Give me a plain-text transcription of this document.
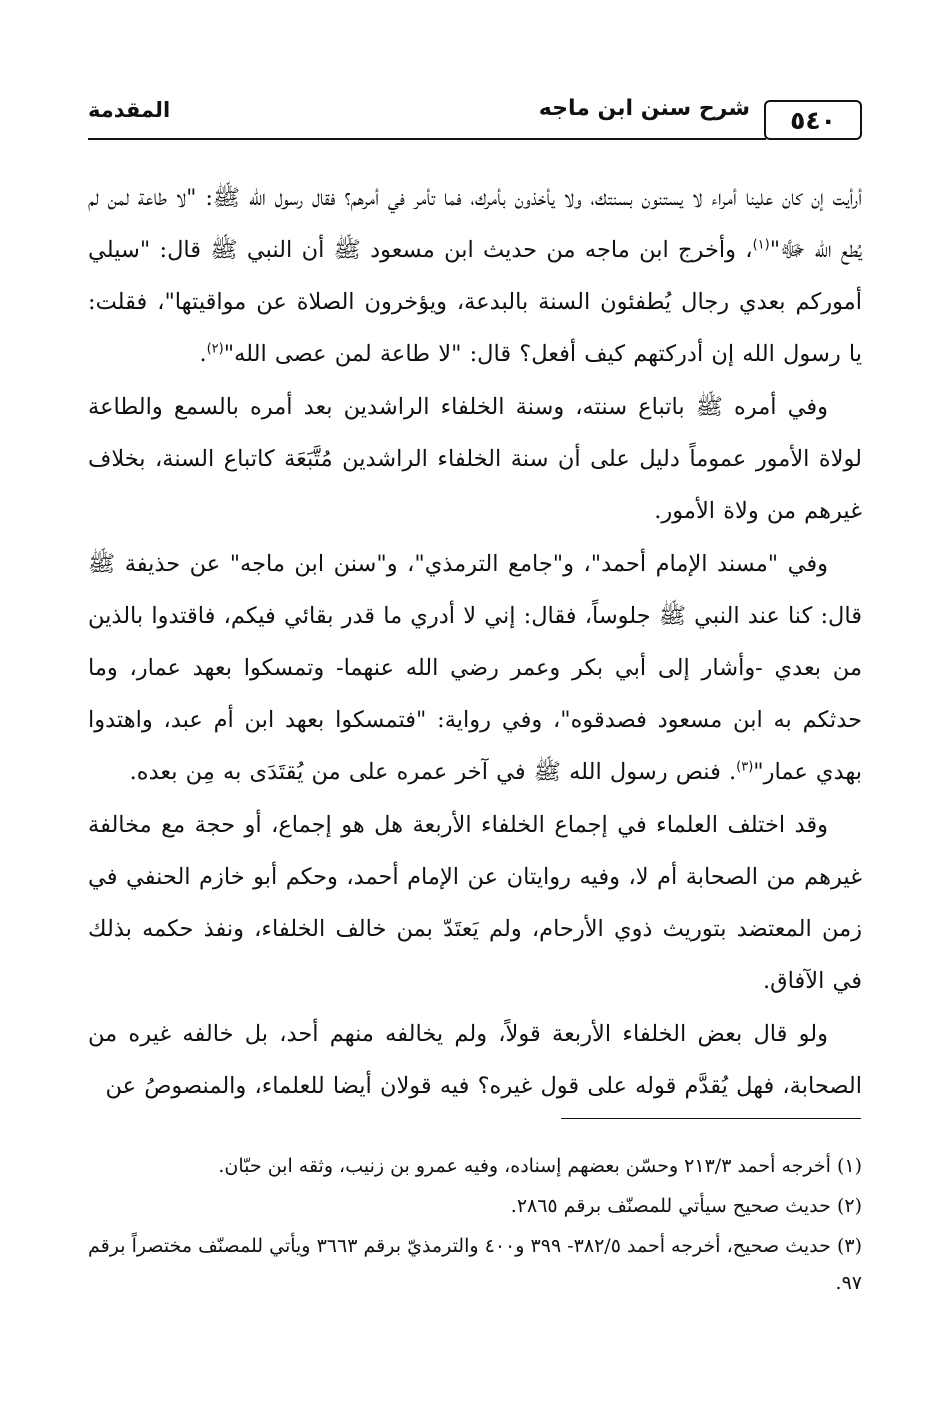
٥٤٠
شرح سنن ابن ماجه
المقدمة

أرأيت إن كان علينا أمراء لا يستنون بسنتك، ولا يأخذون بأمرك، فما تأمر في أمرهم؟ فقال رسول الله ﷺ: "لا طاعة لمن لم يُطع الله ﷻ"$^{(١)}$، وأخرج ابن ماجه من حديث ابن مسعود ﷺ أن النبي ﷺ قال: "سيلي أموركم بعدي رجال يُطفئون السنة بالبدعة، ويؤخرون الصلاة عن مواقيتها"، فقلت: يا رسول الله إن أدركتهم كيف أفعل؟ قال: "لا طاعة لمن عصى الله"$^{(٢)}$.

وفي أمره ﷺ باتباع سنته، وسنة الخلفاء الراشدين بعد أمره بالسمع والطاعة لولاة الأمور عموماً دليل على أن سنة الخلفاء الراشدين مُتَّبَعَة كاتباع السنة، بخلاف غيرهم من ولاة الأمور.

وفي "مسند الإمام أحمد"، و"جامع الترمذي"، و"سنن ابن ماجه" عن حذيفة ﷺ قال: كنا عند النبي ﷺ جلوساً، فقال: إني لا أدري ما قدر بقائي فيكم، فاقتدوا بالذين من بعدي -وأشار إلى أبي بكر وعمر رضي الله عنهما- وتمسكوا بعهد عمار، وما حدثكم به ابن مسعود فصدقوه"، وفي رواية: "فتمسكوا بعهد ابن أم عبد، واهتدوا بهدي عمار"$^{(٣)}$. فنص رسول الله ﷺ في آخر عمره على من يُقتَدَى به مِن بعده.

وقد اختلف العلماء في إجماع الخلفاء الأربعة هل هو إجماع، أو حجة مع مخالفة غيرهم من الصحابة أم لا، وفيه روايتان عن الإمام أحمد، وحكم أبو خازم الحنفي في زمن المعتضد بتوريث ذوي الأرحام، ولم يَعتَدّ بمن خالف الخلفاء، ونفذ حكمه بذلك في الآفاق.

ولو قال بعض الخلفاء الأربعة قولاً، ولم يخالفه منهم أحد، بل خالفه غيره من الصحابة، فهل يُقدَّم قوله على قول غيره؟ فيه قولان أيضا للعلماء، والمنصوصُ عن

(١) أخرجه أحمد ٢١٣/٣ وحسّن بعضهم إسناده، وفيه عمرو بن زنيب، وثقه ابن حبّان.

(٢) حديث صحيح سيأتي للمصنّف برقم ٢٨٦٥.

(٣) حديث صحيح، أخرجه أحمد ٣٨٢/٥- ٣٩٩ و٤٠٠ والترمذيّ برقم ٣٦٦٣ ويأتي للمصنّف مختصراً برقم ٩٧.
